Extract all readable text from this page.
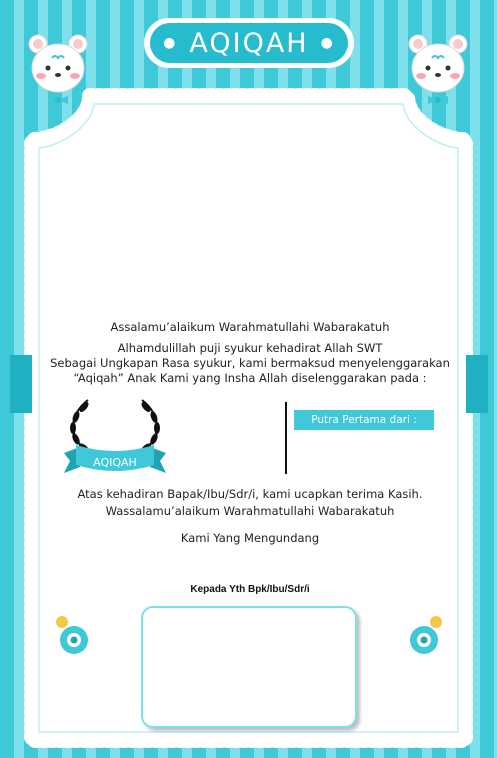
● AQIQAH ●
Assalamu’alaikum Warahmatullahi Wabarakatuh
Alhamdulillah puji syukur kehadirat Allah SWT
Sebagai Ungkapan Rasa syukur, kami bermaksud menyelenggarakan
“Aqiqah” Anak Kami yang Insha Allah diselenggarakan pada :
AQIQAH
Putra Pertama dari :
Atas kehadiran Bapak/Ibu/Sdr/i, kami ucapkan terima Kasih.
Wassalamu’alaikum Warahmatullahi Wabarakatuh
Kami Yang Mengundang
Kepada Yth Bpk/Ibu/Sdr/i
